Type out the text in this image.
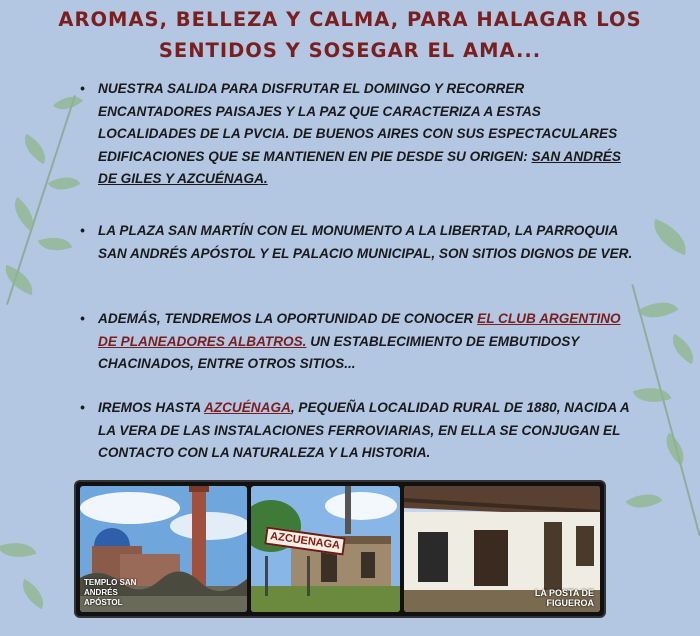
AROMAS, BELLEZA Y CALMA, PARA HALAGAR LOS
SENTIDOS Y SOSEGAR EL AMA...
• NUESTRA SALIDA PARA DISFRUTAR EL DOMINGO Y RECORRER ENCANTADORES PAISAJES Y LA PAZ QUE CARACTERIZA A ESTAS LOCALIDADES DE LA PVCIA. DE BUENOS AIRES CON SUS ESPECTACULARES EDIFICACIONES QUE SE MANTIENEN EN PIE DESDE SU ORIGEN: SAN ANDRÉS DE GILES Y AZCUÉNAGA.
• LA PLAZA SAN MARTÍN CON EL MONUMENTO A LA LIBERTAD, LA PARROQUIA SAN ANDRÉS APÓSTOL Y EL PALACIO MUNICIPAL, SON SITIOS DIGNOS DE VER.
• ADEMÁS, TENDREMOS LA OPORTUNIDAD DE CONOCER EL CLUB ARGENTINO DE PLANEADORES ALBATROS. UN ESTABLECIMIENTO DE EMBUTIDOSY CHACINADOS, ENTRE OTROS SITIOS...
• IREMOS HASTA AZCUÉNAGA, PEQUEÑA LOCALIDAD RURAL DE 1880, NACIDA A LA VERA DE LAS INSTALACIONES FERROVIARIAS, EN ELLA SE CONJUGAN EL CONTACTO CON LA NATURALEZA Y LA HISTORIA.
TEMPLO SAN ANDRÉS APÓSTOL
AZCUENAGA
LA POSTA DE FIGUEROA
